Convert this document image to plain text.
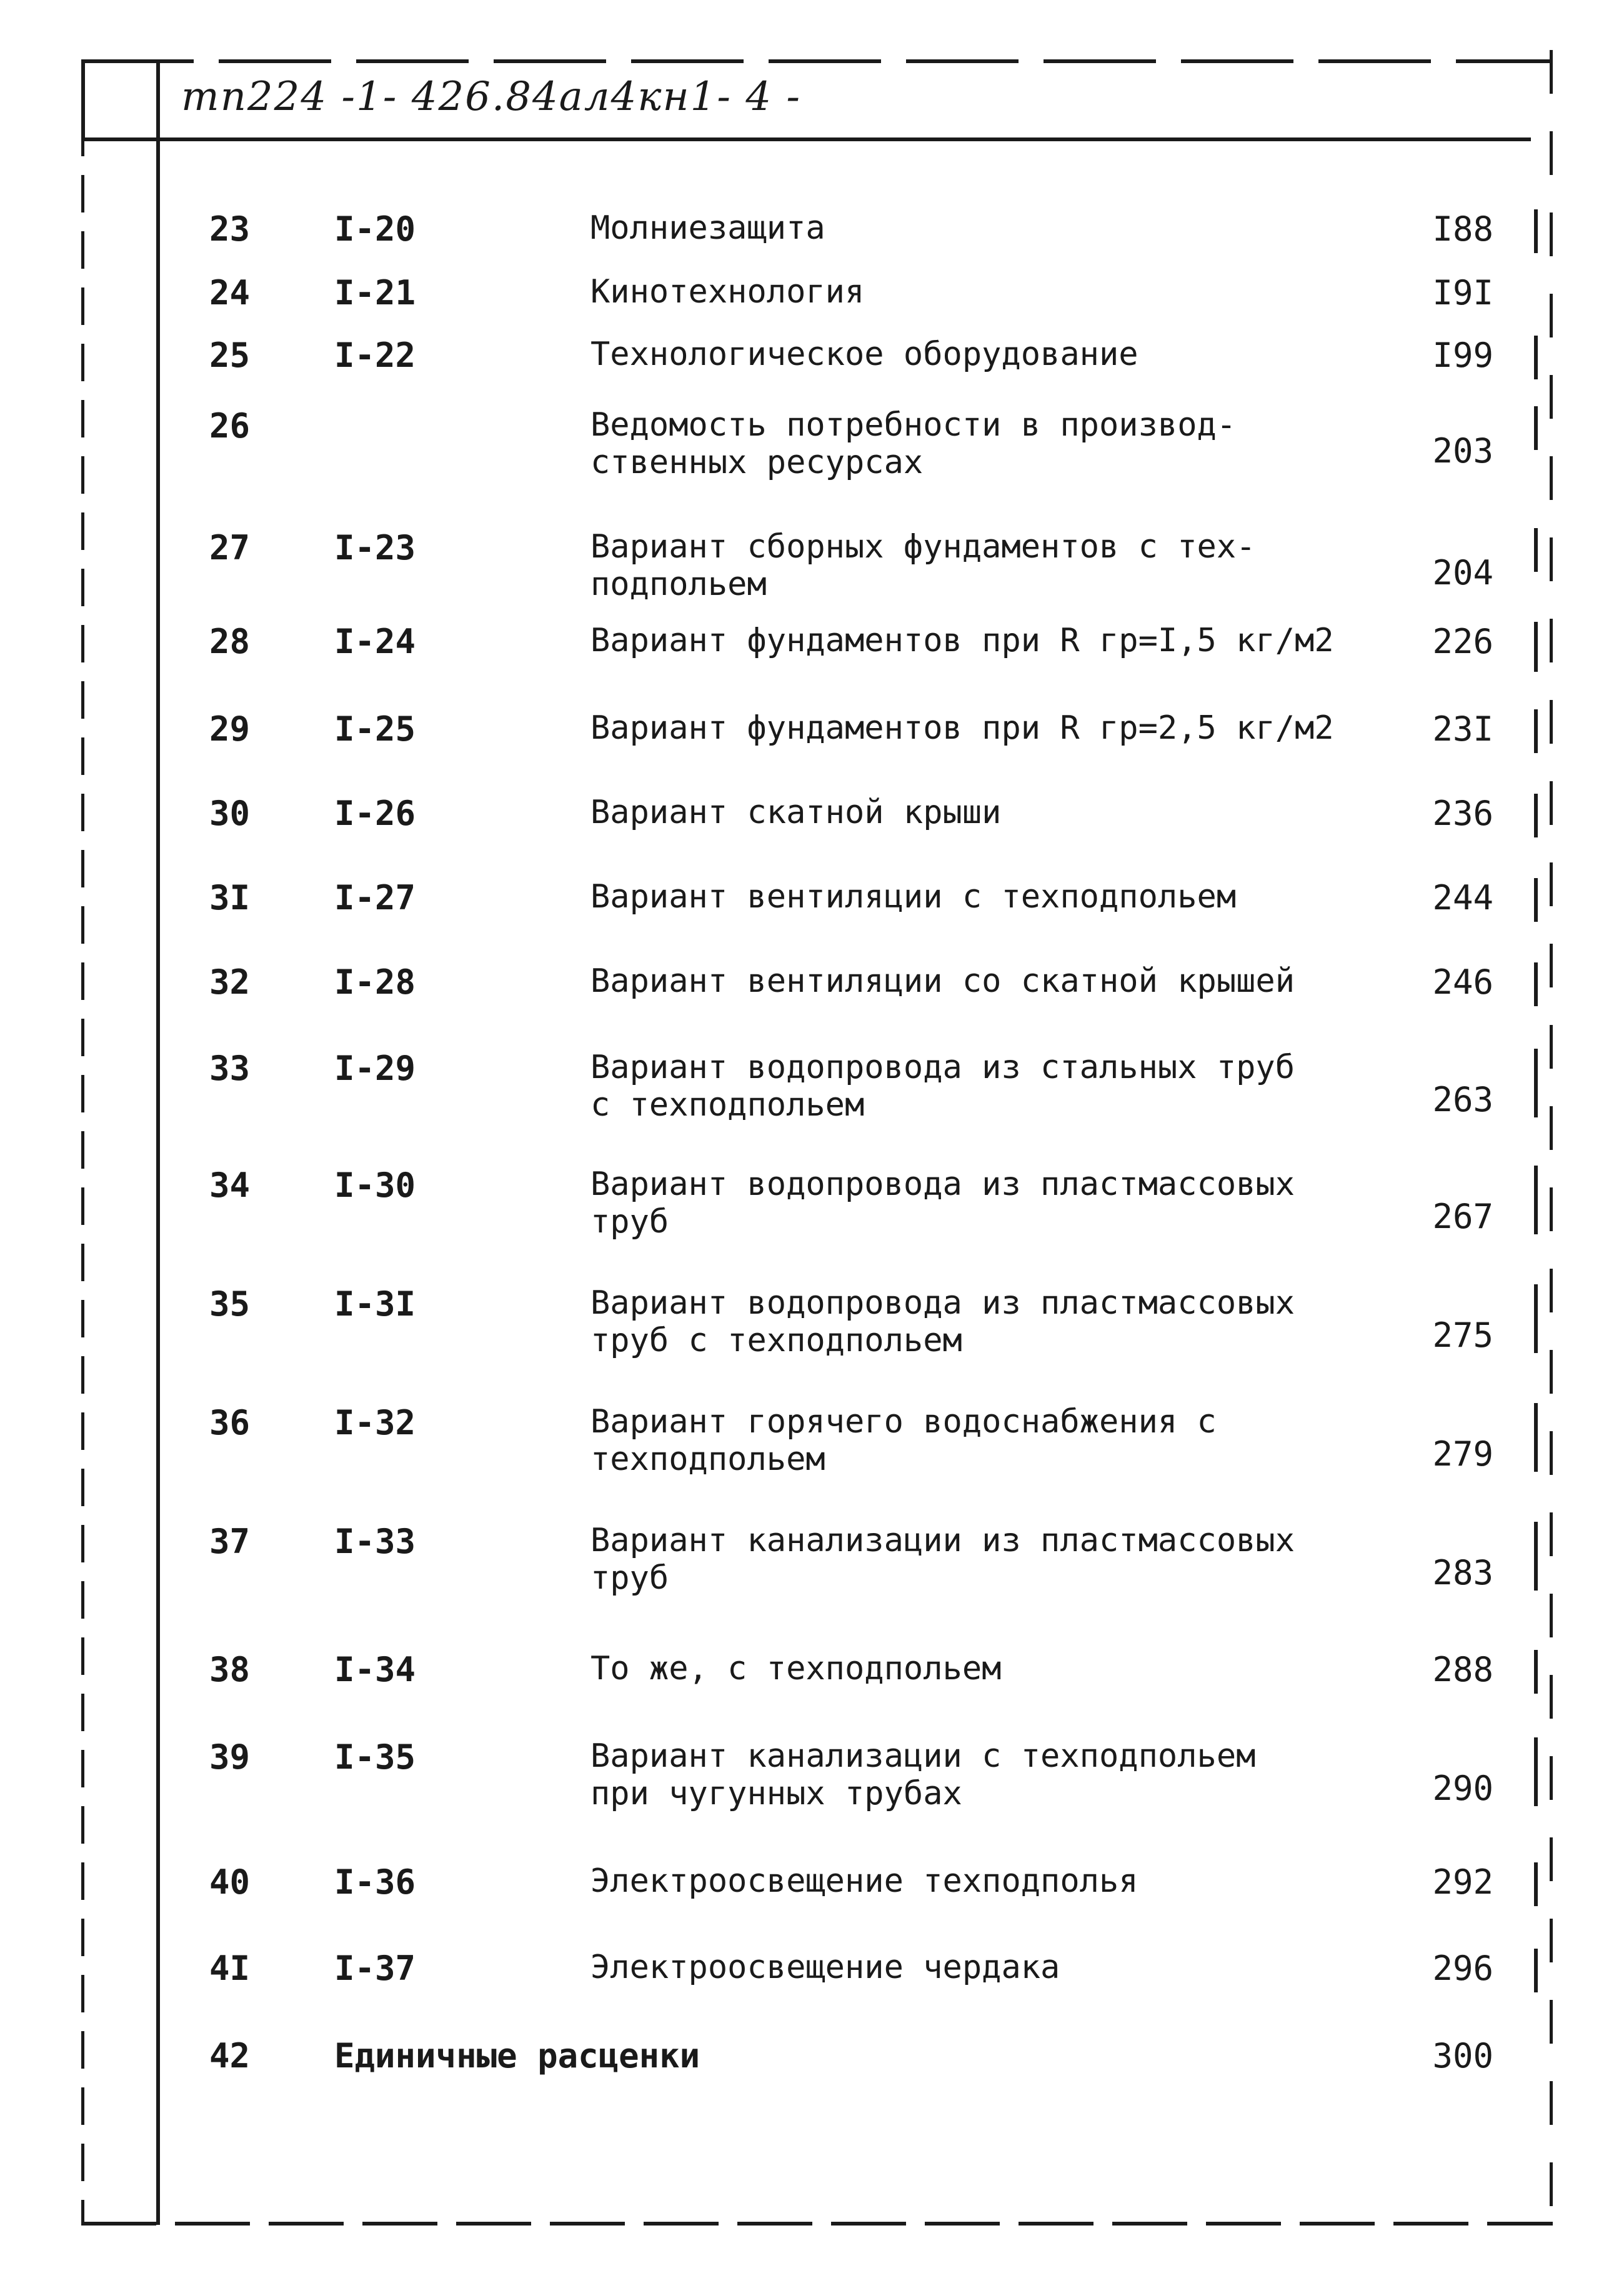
тп224 -1- 426.84ал4кн1- 4 -
23 I-20	Молниезащита	I88
24 I-21	Кинотехнология	I9I
25 I-22	Технологическое оборудование	I99
26	Ведомость потребности в производ-
ственных ресурсах	203
27 I-23	Вариант сборных фундаментов с тех-
подпольем	204
28 I-24	Вариант фундаментов при R гр=I,5 кг/м2	226
29 I-25	Вариант фундаментов при R гр=2,5 кг/м2	23I
30 I-26	Вариант скатной крыши	236
3I I-27	Вариант вентиляции с техподпольем	244
32 I-28	Вариант вентиляции со скатной крышей	246
33 I-29	Вариант водопровода из стальных труб
с техподпольем	263
34 I-30	Вариант водопровода из пластмассовых
труб	267
35 I-3I	Вариант водопровода из пластмассовых
труб с техподпольем	275
36 I-32	Вариант горячего водоснабжения с
техподпольем	279
37 I-33	Вариант канализации из пластмассовых
труб	283
38 I-34	То же, с техподпольем	288
39 I-35	Вариант канализации с техподпольем
при чугунных трубах	290
40 I-36	Электроосвещение техподполья	292
4I I-37	Электроосвещение чердака	296
42 Единичные расценки	300
